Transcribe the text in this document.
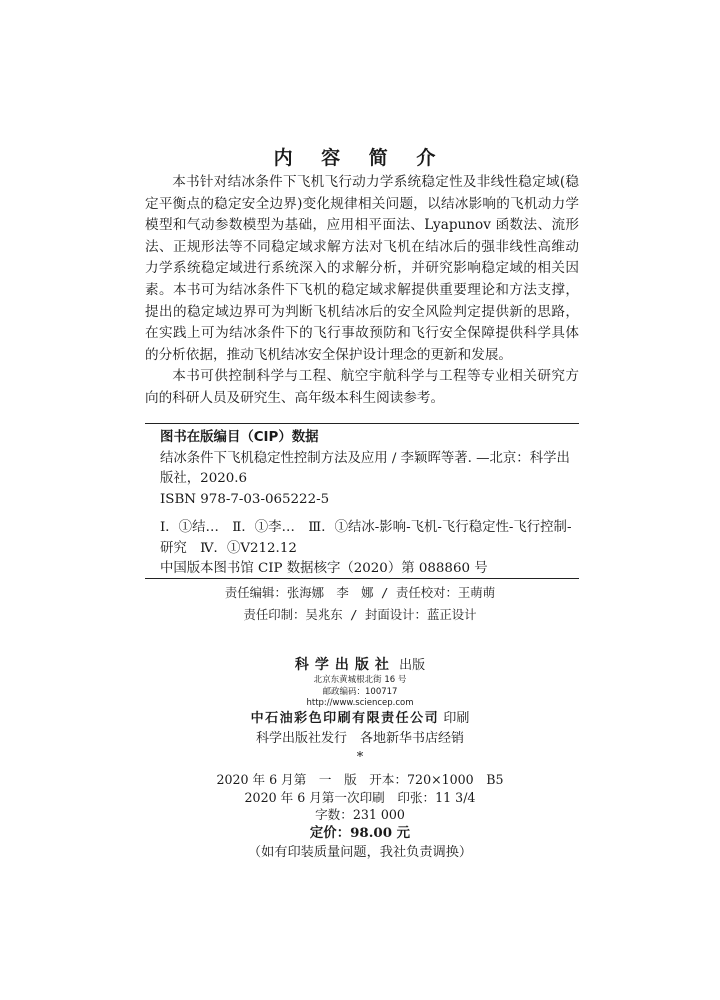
内 容 简 介

本书针对结冰条件下飞机飞行动力学系统稳定性及非线性稳定域(稳定平衡点的稳定安全边界)变化规律相关问题，以结冰影响的飞机动力学模型和气动参数模型为基础，应用相平面法、Lyapunov 函数法、流形法、正规形法等不同稳定域求解方法对飞机在结冰后的强非线性高维动力学系统稳定域进行系统深入的求解分析，并研究影响稳定域的相关因素。本书可为结冰条件下飞机的稳定域求解提供重要理论和方法支撑，提出的稳定域边界可为判断飞机结冰后的安全风险判定提供新的思路，在实践上可为结冰条件下的飞行事故预防和飞行安全保障提供科学具体的分析依据，推动飞机结冰安全保护设计理念的更新和发展。

本书可供控制科学与工程、航空宇航科学与工程等专业相关研究方向的科研人员及研究生、高年级本科生阅读参考。

图书在版编目（CIP）数据
结冰条件下飞机稳定性控制方法及应用 / 李颖晖等著. —北京：科学出版社，2020.6
ISBN 978-7-03-065222-5
Ⅰ．①结…　Ⅱ．①李…　Ⅲ．①结冰-影响-飞机-飞行稳定性-飞行控制-研究　Ⅳ．①V212.12
中国版本图书馆 CIP 数据核字（2020）第 088860 号
责任编辑：张海娜　李　娜 / 责任校对：王萌萌
责任印制：吴兆东 / 封面设计：蓝正设计
科学出版社 出版
北京东黄城根北街 16 号
邮政编码：100717
http://www.sciencep.com
中石油彩色印刷有限责任公司 印刷
科学出版社发行　各地新华书店经销
*
2020 年 6 月第　一　版　开本：720×1000　B5
2020 年 6 月第一次印刷　印张：11 3/4
字数：231 000
定价：98.00 元
（如有印装质量问题，我社负责调换）
